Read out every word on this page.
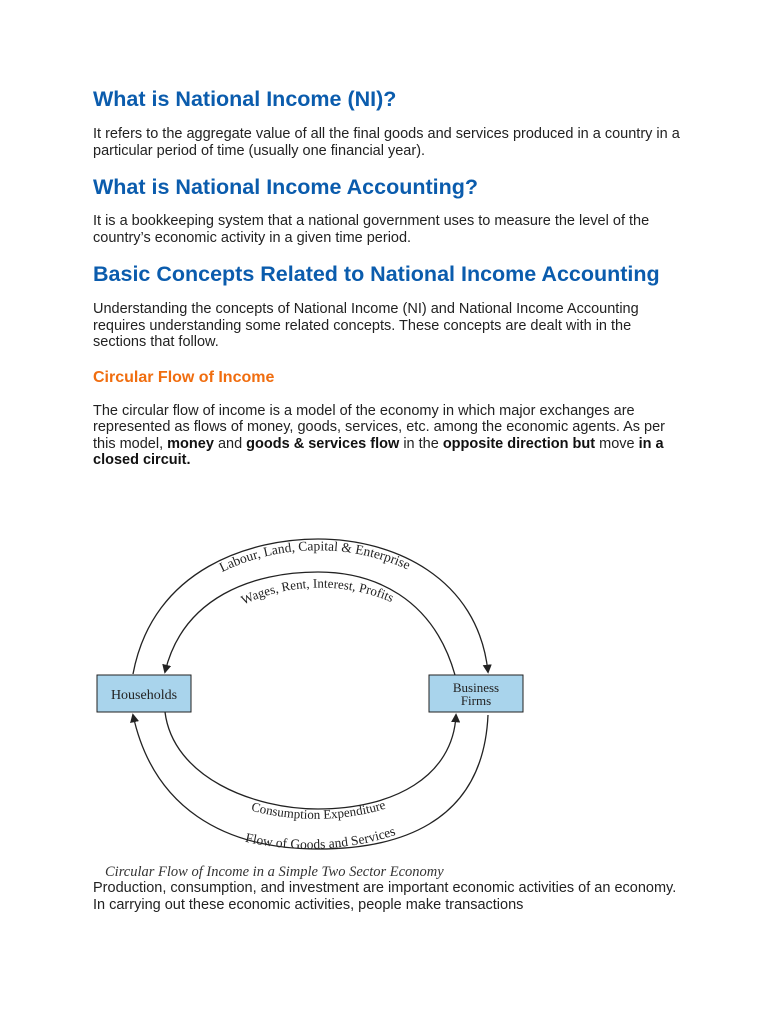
What is National Income (NI)?

It refers to the aggregate value of all the final goods and services produced in a country in a particular period of time (usually one financial year).

What is National Income Accounting?

It is a bookkeeping system that a national government uses to measure the level of the country’s economic activity in a given time period.

Basic Concepts Related to National Income Accounting

Understanding the concepts of National Income (NI) and National Income Accounting requires understanding some related concepts. These concepts are dealt with in the sections that follow.

Circular Flow of Income

The circular flow of income is a model of the economy in which major exchanges are represented as flows of money, goods, services, etc. among the economic agents. As per this model, money and goods & services flow in the opposite direction but move in a closed circuit.

Households
Business
Firms
Labour, Land, Capital & Enterprise
Wages, Rent, Interest, Profits
Consumption Expenditure
Flow of Goods and Services
Circular Flow of Income in a Simple Two Sector Economy

Production, consumption, and investment are important economic activities of an economy. In carrying out these economic activities, people make transactions
